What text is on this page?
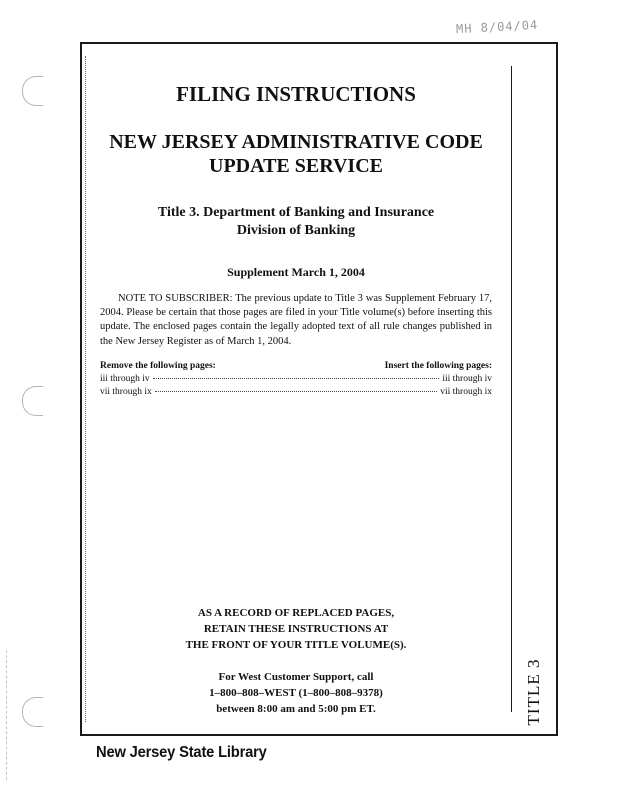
MH 8/04/04
TITLE 3
FILING INSTRUCTIONS
NEW JERSEY ADMINISTRATIVE CODE
UPDATE SERVICE
Title 3. Department of Banking and Insurance
Division of Banking
Supplement March 1, 2004
NOTE TO SUBSCRIBER: The previous update to Title 3 was Supplement February 17, 2004. Please be certain that those pages are filed in your Title volume(s) before inserting this update. The enclosed pages contain the legally adopted text of all rule changes published in the New Jersey Register as of March 1, 2004.
Remove the following pages:	Insert the following pages:
iii through iv	iii through iv
vii through ix	vii through ix
AS A RECORD OF REPLACED PAGES,
RETAIN THESE INSTRUCTIONS AT
THE FRONT OF YOUR TITLE VOLUME(S).
For West Customer Support, call
1–800–808–WEST (1–800–808–9378)
between 8:00 am and 5:00 pm ET.
New Jersey State Library
